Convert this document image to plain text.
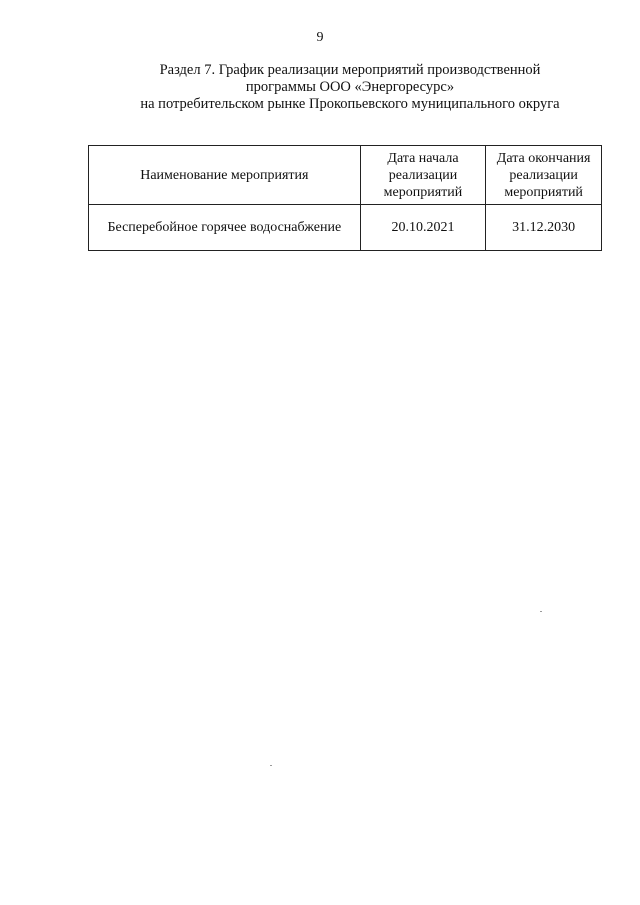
9
Раздел 7. График реализации мероприятий производственной
программы ООО «Энергоресурс»
на потребительском рынке Прокопьевского муниципального округа
Наименование мероприятия	Дата начала реализации мероприятий	Дата окончания реализации мероприятий
Бесперебойное горячее водоснабжение	20.10.2021	31.12.2030
